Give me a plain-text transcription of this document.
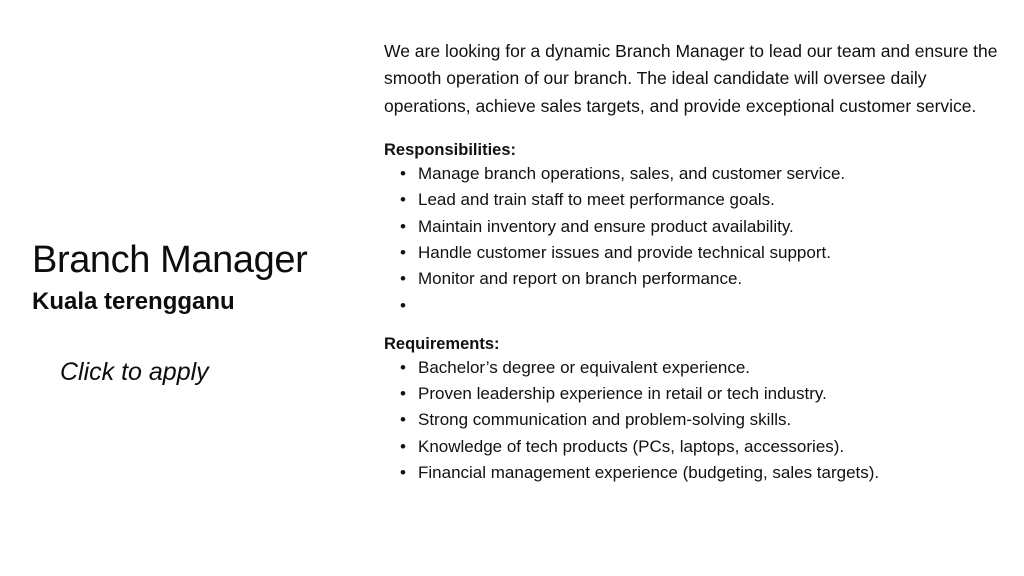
Branch Manager
Kuala terengganu
Click to apply

We are looking for a dynamic Branch Manager to lead our team and ensure the smooth operation of our branch. The ideal candidate will oversee daily operations, achieve sales targets, and provide exceptional customer service.

Responsibilities:
• Manage branch operations, sales, and customer service.
• Lead and train staff to meet performance goals.
• Maintain inventory and ensure product availability.
• Handle customer issues and provide technical support.
• Monitor and report on branch performance.
•
Requirements:
• Bachelor’s degree or equivalent experience.
• Proven leadership experience in retail or tech industry.
• Strong communication and problem-solving skills.
• Knowledge of tech products (PCs, laptops, accessories).
• Financial management experience (budgeting, sales targets).
